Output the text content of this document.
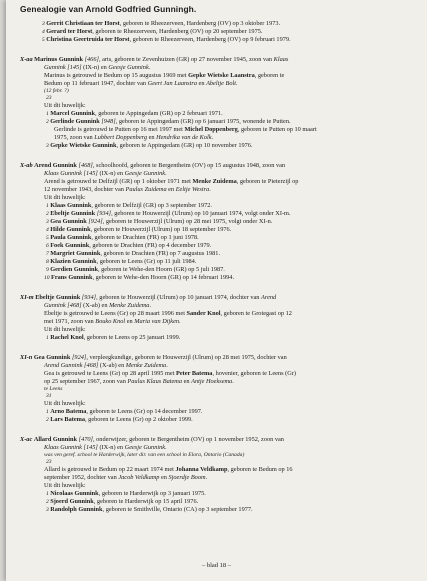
Genealogie van Arnold Godfried Gunningh.
3 Gerrit Christiaan ter Horst, geboren te Rheezerveen, Hardenberg (OV) op 3 oktober 1973.
4 Gerard ter Horst, geboren te Rheezerveen, Hardenberg (OV) op 20 september 1975.
5 Christina Geertruida ter Horst, geboren te Rheezerveen, Hardenberg (OV) op 9 februari 1979.
X-aa Marinus Gunnink [466], arts, geboren te Zevenhuizen (GR) op 27 november 1945, zoon van Klaas
Gunnink [145] (IX-n) en Geesje Gunnink.
Marinus is getrouwd te Bedum op 15 augustus 1969 met Gepke Wietske Laanstra, geboren te
Bedum op 11 februari 1947, dochter van Geert Jan Laanstra en Abeltje Bolt.
(12 febr. ?)
23
Uit dit huwelijk:
1 Marcel Gunnink, geboren te Appingedam (GR) op 2 februari 1971.
2 Gerlinde Gunnink [948], geboren te Appingedam (GR) op 6 januari 1975, wonende te Putten.
Gerlinde is getrouwd te Putten op 16 mei 1997 met Michel Doppenberg, geboren te Putten op 10 maart
1975, zoon van Lubbert Doppenberg en Hendrika van de Kolk.
3 Gepke Wietske Gunnink, geboren te Appingedam (GR) op 10 november 1976.
X-ab Arend Gunnink [468], schoolhoofd, geboren te Bergentheim (OV) op 15 augustus 1948, zoon van
Klaas Gunnink [145] (IX-n) en Geesje Gunnink.
Arend is getrouwd te Delfzijl (GR) op 1 oktober 1971 met Menke Zuidema, geboren te Pieterzijl op
12 november 1943, dochter van Paulus Zuidema en Eeltje Westra.
Uit dit huwelijk:
1 Klaas Gunnink, geboren te Delfzijl (GR) op 3 september 1972.
2 Ebeltje Gunnink [934], geboren te Houwerzijl (Ulrum) op 10 januari 1974, volgt onder XI-m.
3 Gea Gunnink [924], geboren te Houwerzijl (Ulrum) op 28 mei 1975, volgt onder XI-n.
4 Hilde Gunnink, geboren te Houwerzijl (Ulrum) op 18 september 1976.
5 Paula Gunnink, geboren te Drachten (FR) op 1 juni 1978.
6 Foek Gunnink, geboren te Drachten (FR) op 4 december 1979.
7 Margriet Gunnink, geboren te Drachten (FR) op 7 augustus 1981.
8 Klazien Gunnink, geboren te Leens (Gr) op 11 juli 1984.
9 Gerdien Gunnink, geboren te Wehe-den Hoorn (GR) op 5 juli 1987.
10 Frans Gunnink, geboren te Wehe-den Hoorn (GR) op 14 februari 1994.
XI-m Ebeltje Gunnink [934], geboren te Houwerzijl (Ulrum) op 10 januari 1974, dochter van Arend
Gunnink [468] (X-ab) en Menke Zuidema.
Ebeltje is getrouwd te Leens (Gr) op 28 maart 1996 met Sander Knol, geboren te Grotegast op 12
mei 1971, zoon van Bouko Knol en Maria van Dijken.
Uit dit huwelijk:
1 Rachel Knol, geboren te Leens op 25 januari 1999.
XI-n Gea Gunnink [924], verpleegkundige, geboren te Houwerzijl (Ulrum) op 28 mei 1975, dochter van
Arend Gunnink [468] (X-ab) en Menke Zuidema.
Gea is getrouwd te Leens (Gr) op 28 april 1995 met Peter Batema, hovenier, geboren te Leens (Gr)
op 25 september 1967, zoon van Paulus Klaus Batema en Antje Hoeksema.
te Leens
31
Uit dit huwelijk:
1 Arno Batema, geboren te Leens (Gr) op 14 december 1997.
2 Lars Batema, geboren te Leens (Gr) op 2 oktober 1999.
X-ac Allard Gunnink [470], onderwijzer, geboren te Bergentheim (OV) op 1 november 1952, zoon van
Klaas Gunnink [145] (IX-n) en Geesje Gunnink.
was ven geref. school te Harderwijk, later dir. van een school in Elora, Ontario (Canada)
23
Allard is getrouwd te Bedum op 22 maart 1974 met Johanna Veldkamp, geboren te Bedum op 16
september 1952, dochter van Jacob Veldkamp en Sjoerdje Boom.
Uit dit huwelijk:
1 Nicolaas Gunnink, geboren te Harderwijk op 3 januari 1975.
2 Sjoerd Gunnink, geboren te Harderwijk op 15 april 1976.
3 Randolph Gunnink, geboren te Smithville, Ontario (CA) op 3 september 1977.
– blad 18 –
